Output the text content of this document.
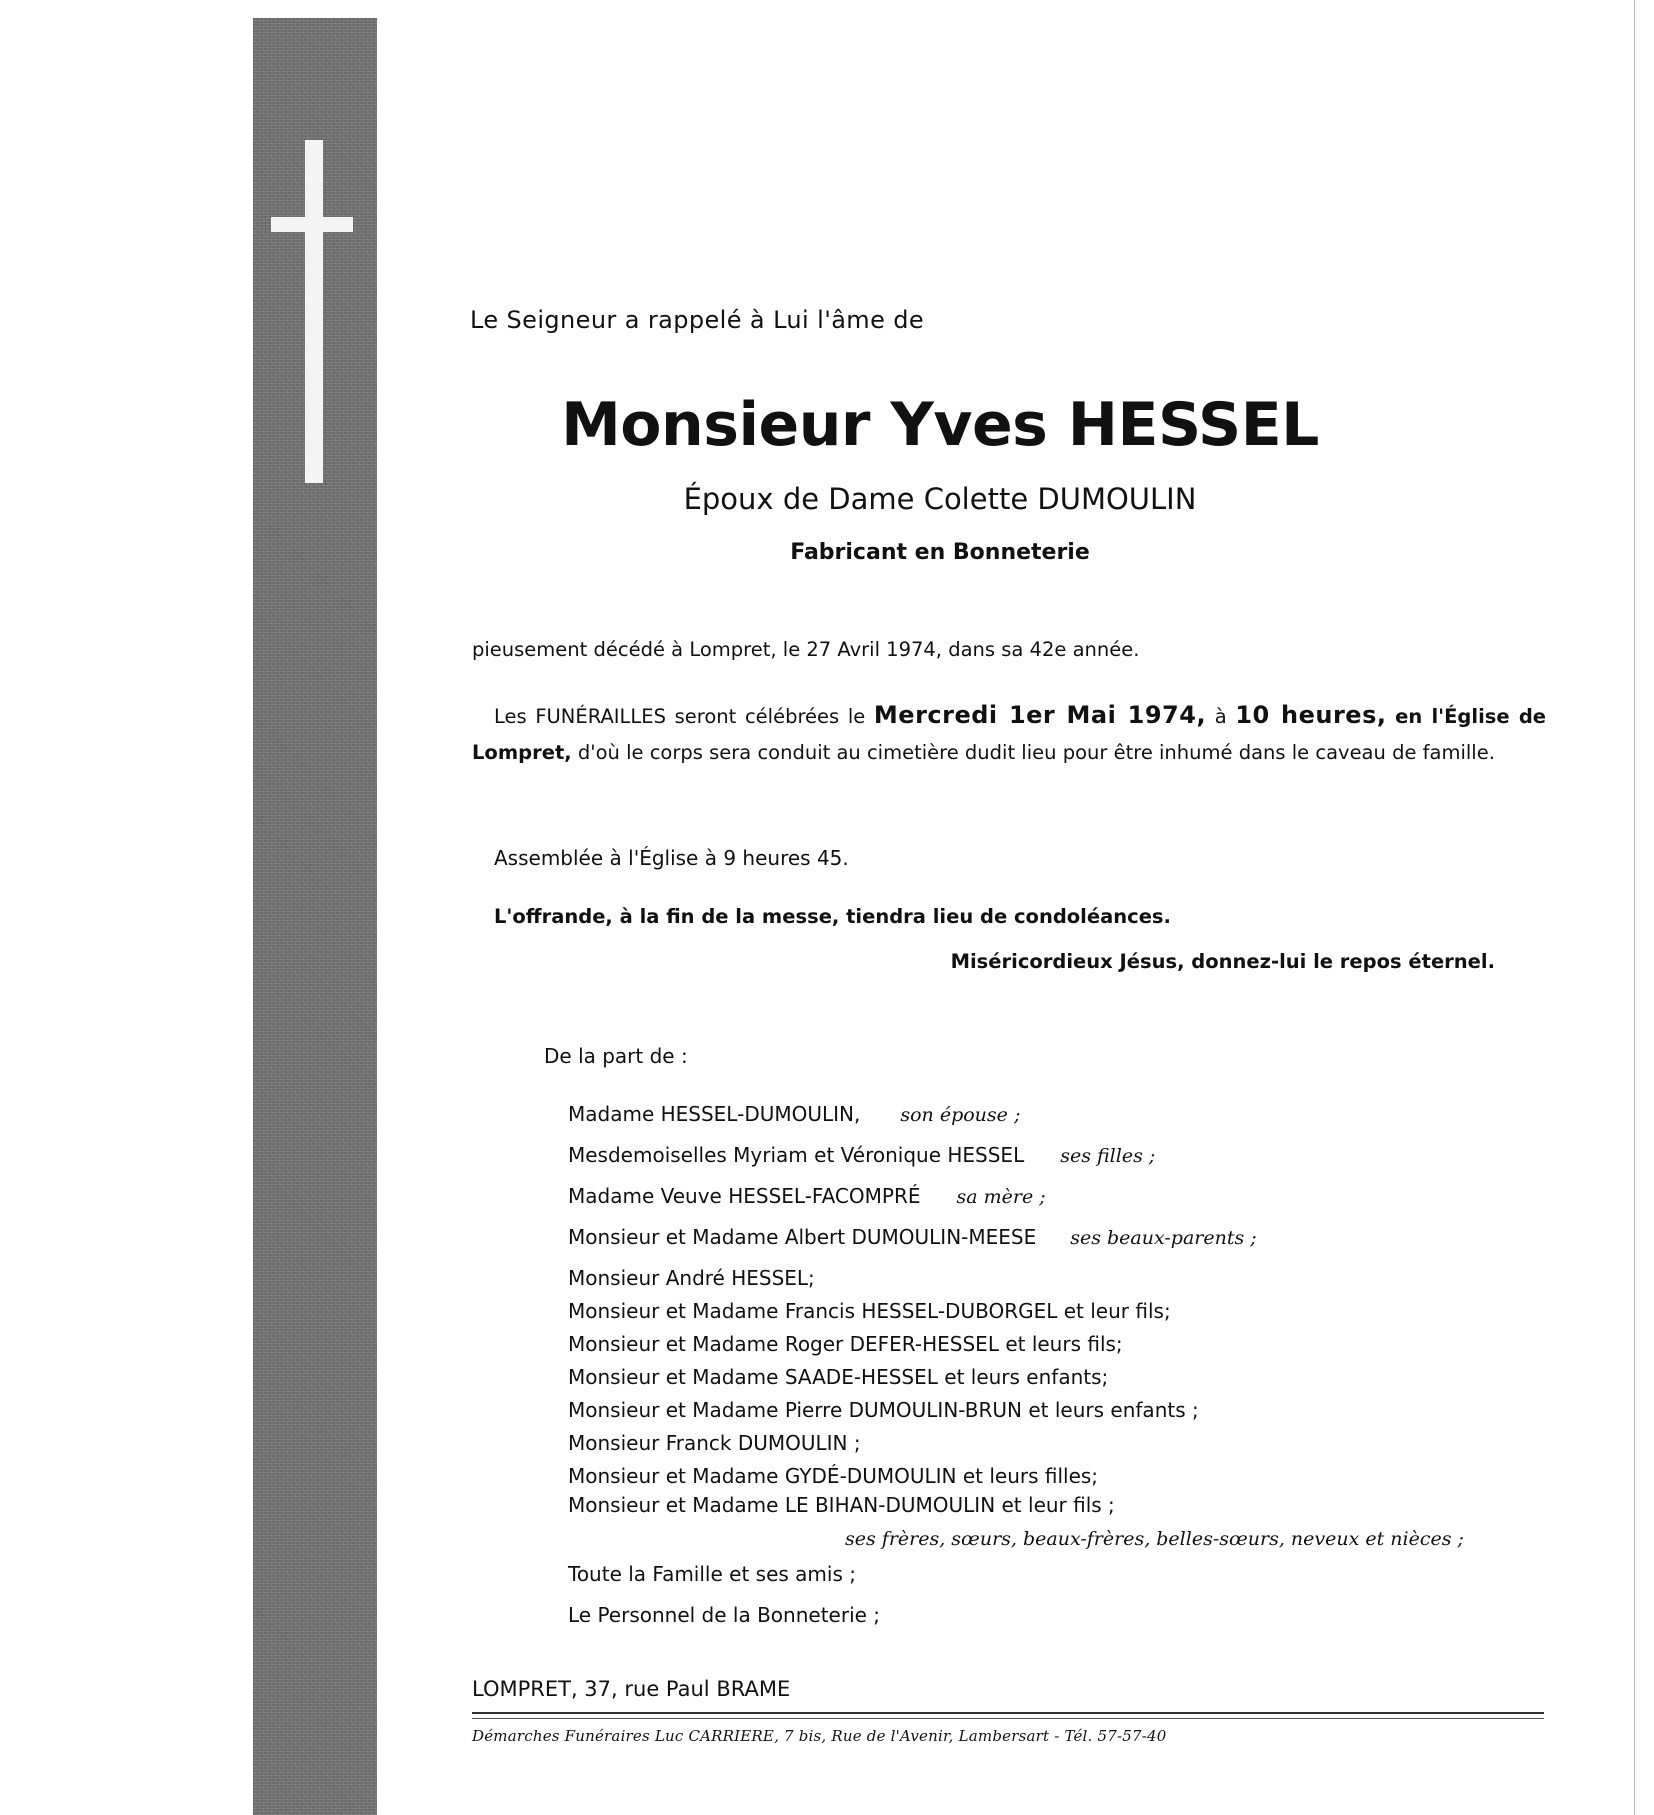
Le Seigneur a rappelé à Lui l'âme de

Monsieur Yves HESSEL

Époux de Dame Colette DUMOULIN

Fabricant en Bonneterie

pieusement décédé à Lompret, le 27 Avril 1974, dans sa 42e année.

Les FUNÉRAILLES seront célébrées le Mercredi 1er Mai 1974, à 10 heures, en l'Église de Lompret, d'où le corps sera conduit au cimetière dudit lieu pour être inhumé dans le caveau de famille.

Assemblée à l'Église à 9 heures 45.

L'offrande, à la fin de la messe, tiendra lieu de condoléances.

Miséricordieux Jésus, donnez-lui le repos éternel.

De la part de :

Madame HESSEL-DUMOULIN, son épouse ;

Mesdemoiselles Myriam et Véronique HESSEL ses filles ;

Madame Veuve HESSEL-FACOMPRÉ sa mère ;

Monsieur et Madame Albert DUMOULIN-MEESE ses beaux-parents ;

Monsieur André HESSEL;

Monsieur et Madame Francis HESSEL-DUBORGEL et leur fils;

Monsieur et Madame Roger DEFER-HESSEL et leurs fils;

Monsieur et Madame SAADE-HESSEL et leurs enfants;

Monsieur et Madame Pierre DUMOULIN-BRUN et leurs enfants ;

Monsieur Franck DUMOULIN ;

Monsieur et Madame GYDÉ-DUMOULIN et leurs filles;

Monsieur et Madame LE BIHAN-DUMOULIN et leur fils ;

ses frères, sœurs, beaux-frères, belles-sœurs, neveux et nièces ;

Toute la Famille et ses amis ;

Le Personnel de la Bonneterie ;

LOMPRET, 37, rue Paul BRAME

Démarches Funéraires Luc CARRIERE, 7 bis, Rue de l'Avenir, Lambersart - Tél. 57-57-40
